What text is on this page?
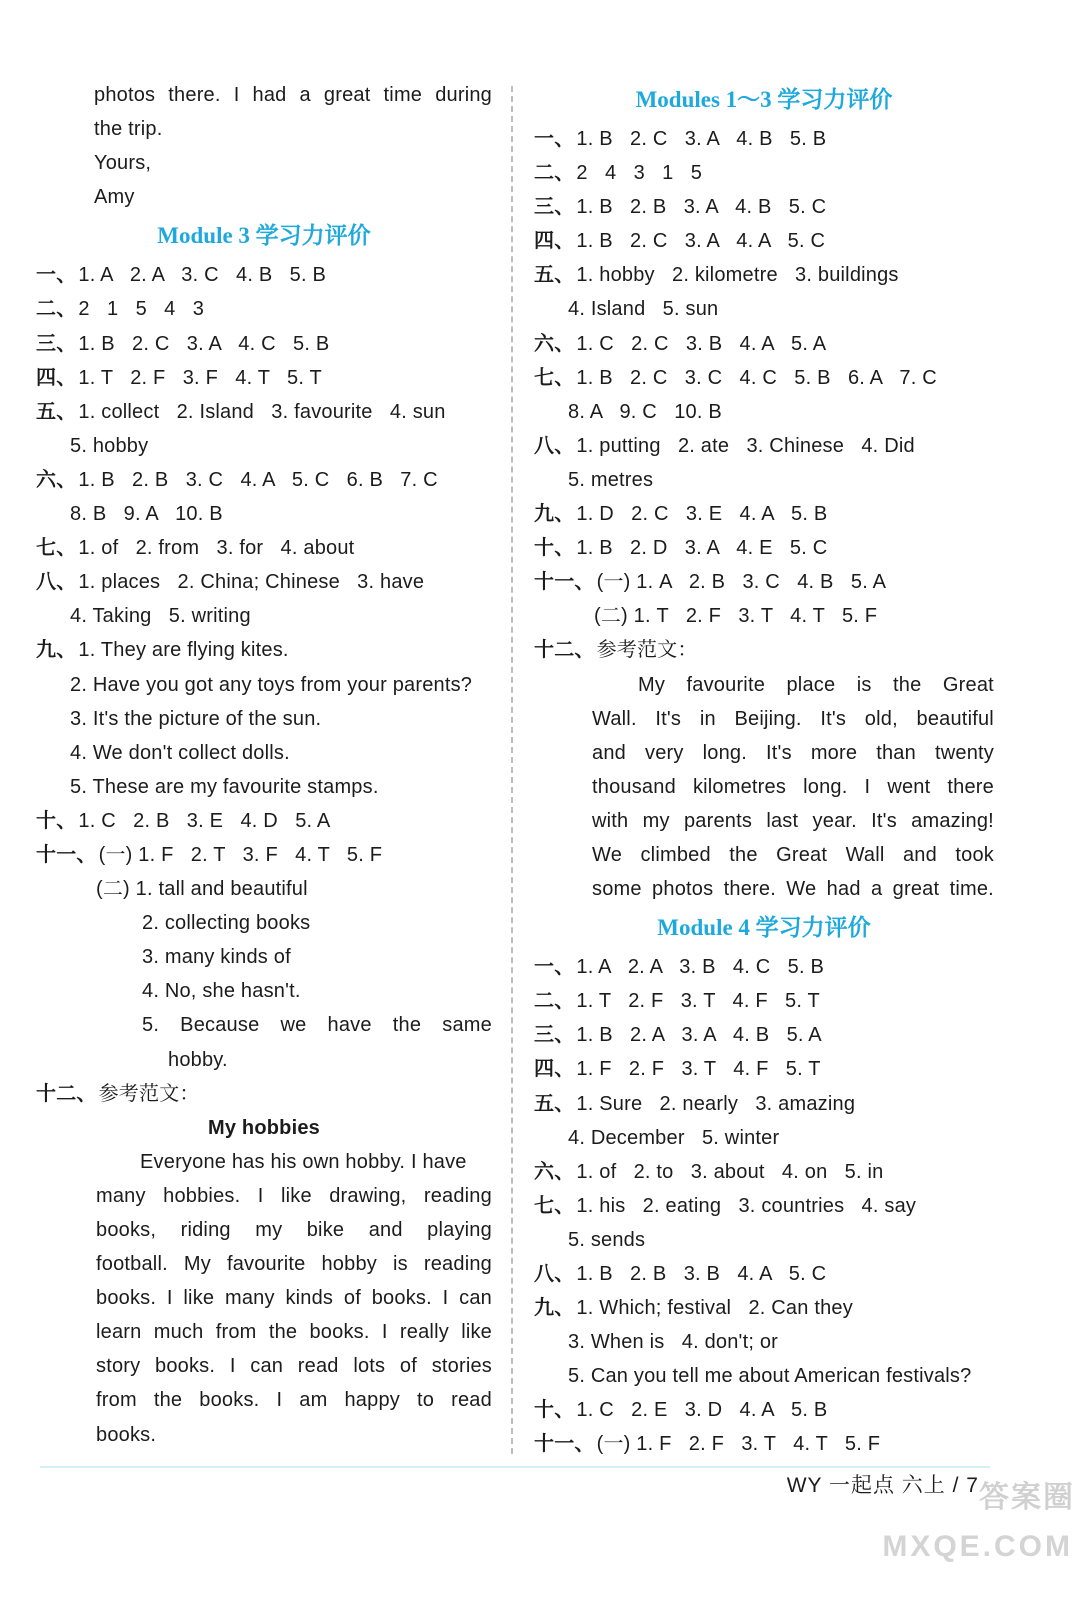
photos there. I had a great time during
the trip.
Yours,
Amy
Module 3 学习力评价
一、 1. A   2. A   3. C   4. B   5. B
二、 2   1   5   4   3
三、 1. B   2. C   3. A   4. C   5. B
四、 1. T   2. F   3. F   4. T   5. T
五、 1. collect   2. Island   3. favourite   4. sun
5. hobby
六、 1. B   2. B   3. C   4. A   5. C   6. B   7. C
8. B   9. A   10. B
七、 1. of   2. from   3. for   4. about
八、 1. places   2. China; Chinese   3. have
4. Taking   5. writing
九、 1. They are flying kites.
2. Have you got any toys from your parents?
3. It's the picture of the sun.
4. We don't collect dolls.
5. These are my favourite stamps.
十、 1. C   2. B   3. E   4. D   5. A
十一、 (一) 1. F   2. T   3. F   4. T   5. F
(二) 1. tall and beautiful
2. collecting books
3. many kinds of
4. No, she hasn't.
5. Because we have the same
hobby.
十二、 参考范文：
My hobbies
Everyone has his own hobby. I have
many hobbies. I like drawing, reading
books, riding my bike and playing
football. My favourite hobby is reading
books. I like many kinds of books. I can
learn much from the books. I really like
story books. I can read lots of stories
from the books. I am happy to read
books.
Modules 1～3 学习力评价
一、 1. B   2. C   3. A   4. B   5. B
二、 2   4   3   1   5
三、 1. B   2. B   3. A   4. B   5. C
四、 1. B   2. C   3. A   4. A   5. C
五、 1. hobby   2. kilometre   3. buildings
4. Island   5. sun
六、 1. C   2. C   3. B   4. A   5. A
七、 1. B   2. C   3. C   4. C   5. B   6. A   7. C
8. A   9. C   10. B
八、 1. putting   2. ate   3. Chinese   4. Did
5. metres
九、 1. D   2. C   3. E   4. A   5. B
十、 1. B   2. D   3. A   4. E   5. C
十一、 (一) 1. A   2. B   3. C   4. B   5. A
(二) 1. T   2. F   3. T   4. T   5. F
十二、 参考范文：
My favourite place is the Great
Wall. It's in Beijing. It's old, beautiful
and very long. It's more than twenty
thousand kilometres long. I went there
with my parents last year. It's amazing!
We climbed the Great Wall and took
some photos there. We had a great time.
Module 4 学习力评价
一、 1. A   2. A   3. B   4. C   5. B
二、 1. T   2. F   3. T   4. F   5. T
三、 1. B   2. A   3. A   4. B   5. A
四、 1. F   2. F   3. T   4. F   5. T
五、 1. Sure   2. nearly   3. amazing
4. December   5. winter
六、 1. of   2. to   3. about   4. on   5. in
七、 1. his   2. eating   3. countries   4. say
5. sends
八、 1. B   2. B   3. B   4. A   5. C
九、 1. Which; festival   2. Can they
3. When is   4. don't; or
5. Can you tell me about American festivals?
十、 1. C   2. E   3. D   4. A   5. B
十一、 (一) 1. F   2. F   3. T   4. T   5. F
WY 一起点 六上 / 7 答案圈
MXQE.COM
